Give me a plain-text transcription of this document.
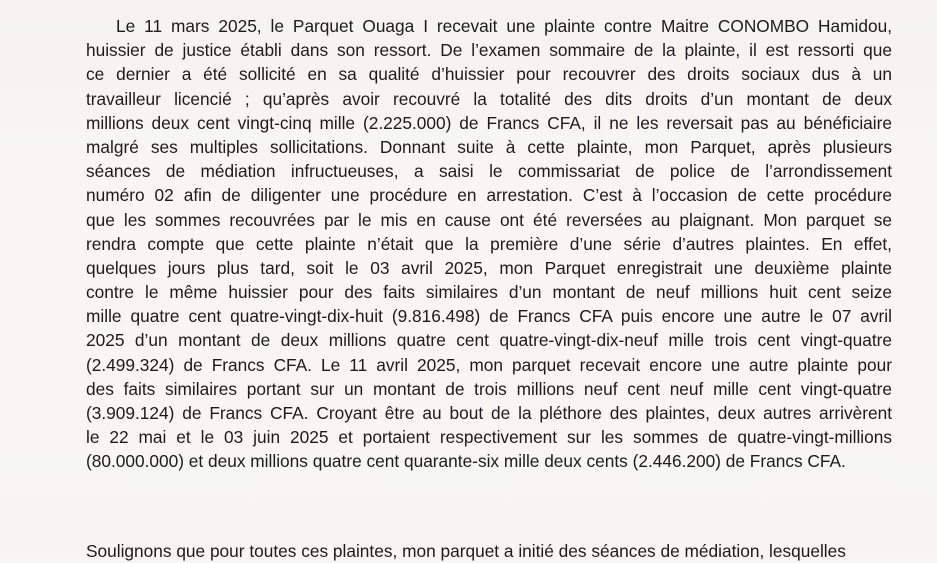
Le 11 mars 2025, le Parquet Ouaga I recevait une plainte contre Maitre CONOMBO Hamidou,
huissier de justice établi dans son ressort. De l’examen sommaire de la plainte, il est ressorti que
ce dernier a été sollicité en sa qualité d’huissier pour recouvrer des droits sociaux dus à un
travailleur licencié ; qu’après avoir recouvré la totalité des dits droits d’un montant de deux
millions deux cent vingt-cinq mille (2.225.000) de Francs CFA, il ne les reversait pas au bénéficiaire
malgré ses multiples sollicitations. Donnant suite à cette plainte, mon Parquet, après plusieurs
séances de médiation infructueuses, a saisi le commissariat de police de l’arrondissement
numéro 02 afin de diligenter une procédure en arrestation. C’est à l’occasion de cette procédure
que les sommes recouvrées par le mis en cause ont été reversées au plaignant. Mon parquet se
rendra compte que cette plainte n’était que la première d’une série d’autres plaintes. En effet,
quelques jours plus tard, soit le 03 avril 2025, mon Parquet enregistrait une deuxième plainte
contre le même huissier pour des faits similaires d’un montant de neuf millions huit cent seize
mille quatre cent quatre-vingt-dix-huit (9.816.498) de Francs CFA puis encore une autre le 07 avril
2025 d’un montant de deux millions quatre cent quatre-vingt-dix-neuf mille trois cent vingt-quatre
(2.499.324) de Francs CFA. Le 11 avril 2025, mon parquet recevait encore une autre plainte pour
des faits similaires portant sur un montant de trois millions neuf cent neuf mille cent vingt-quatre
(3.909.124) de Francs CFA. Croyant être au bout de la pléthore des plaintes, deux autres arrivèrent
le 22 mai et le 03 juin 2025 et portaient respectivement sur les sommes de quatre-vingt-millions
(80.000.000) et deux millions quatre cent quarante-six mille deux cents (2.446.200) de Francs CFA.
Soulignons que pour toutes ces plaintes, mon parquet a initié des séances de médiation, lesquelles
